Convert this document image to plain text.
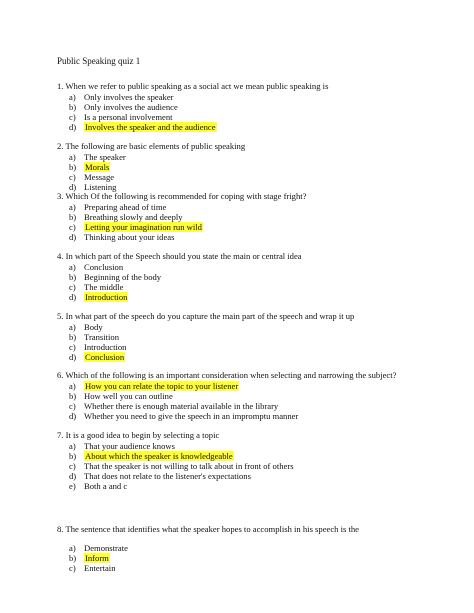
Public Speaking quiz 1

1. When we refer to public speaking as a social act we mean public speaking is

a) Only involves the speaker
b) Only involves the audience
c) Is a personal involvement
d)	Involves the speaker and the audience

2. The following are basic elements of public speaking

a) The speaker
b)	Morals
c) Message
d) Listening

3. Which Of the following is recommended for coping with stage fright?

a) Preparing ahead of time
b) Breathing slowly and deeply
c)	Letting your imagination run wild
d) Thinking about your ideas

4. In which part of the Speech should you state the main or central idea

a) Conclusion
b) Beginning of the body
c) The middle
d)	Introduction

5. In what part of the speech do you capture the main part of the speech and wrap it up

a) Body
b) Transition
c) Introduction
d)	Conclusion

6. Which of the following is an important consideration when selecting and narrowing the subject?

a)	How you can relate the topic to your listener
b) How well you can outline
c) Whether there is enough material available in the library
d) Whether you need to give the speech in an impromptu manner

7. It is a good idea to begin by selecting a topic

a) That your audience knows
b)	About which the speaker is knowledgeable
c) That the speaker is not willing to talk about in front of others
d) That does not relate to the listener's expectations
e) Both a and c

8. The sentence that identifies what the speaker hopes to accomplish in his speech is the

a) Demonstrate
b)	Inform
c) Entertain
